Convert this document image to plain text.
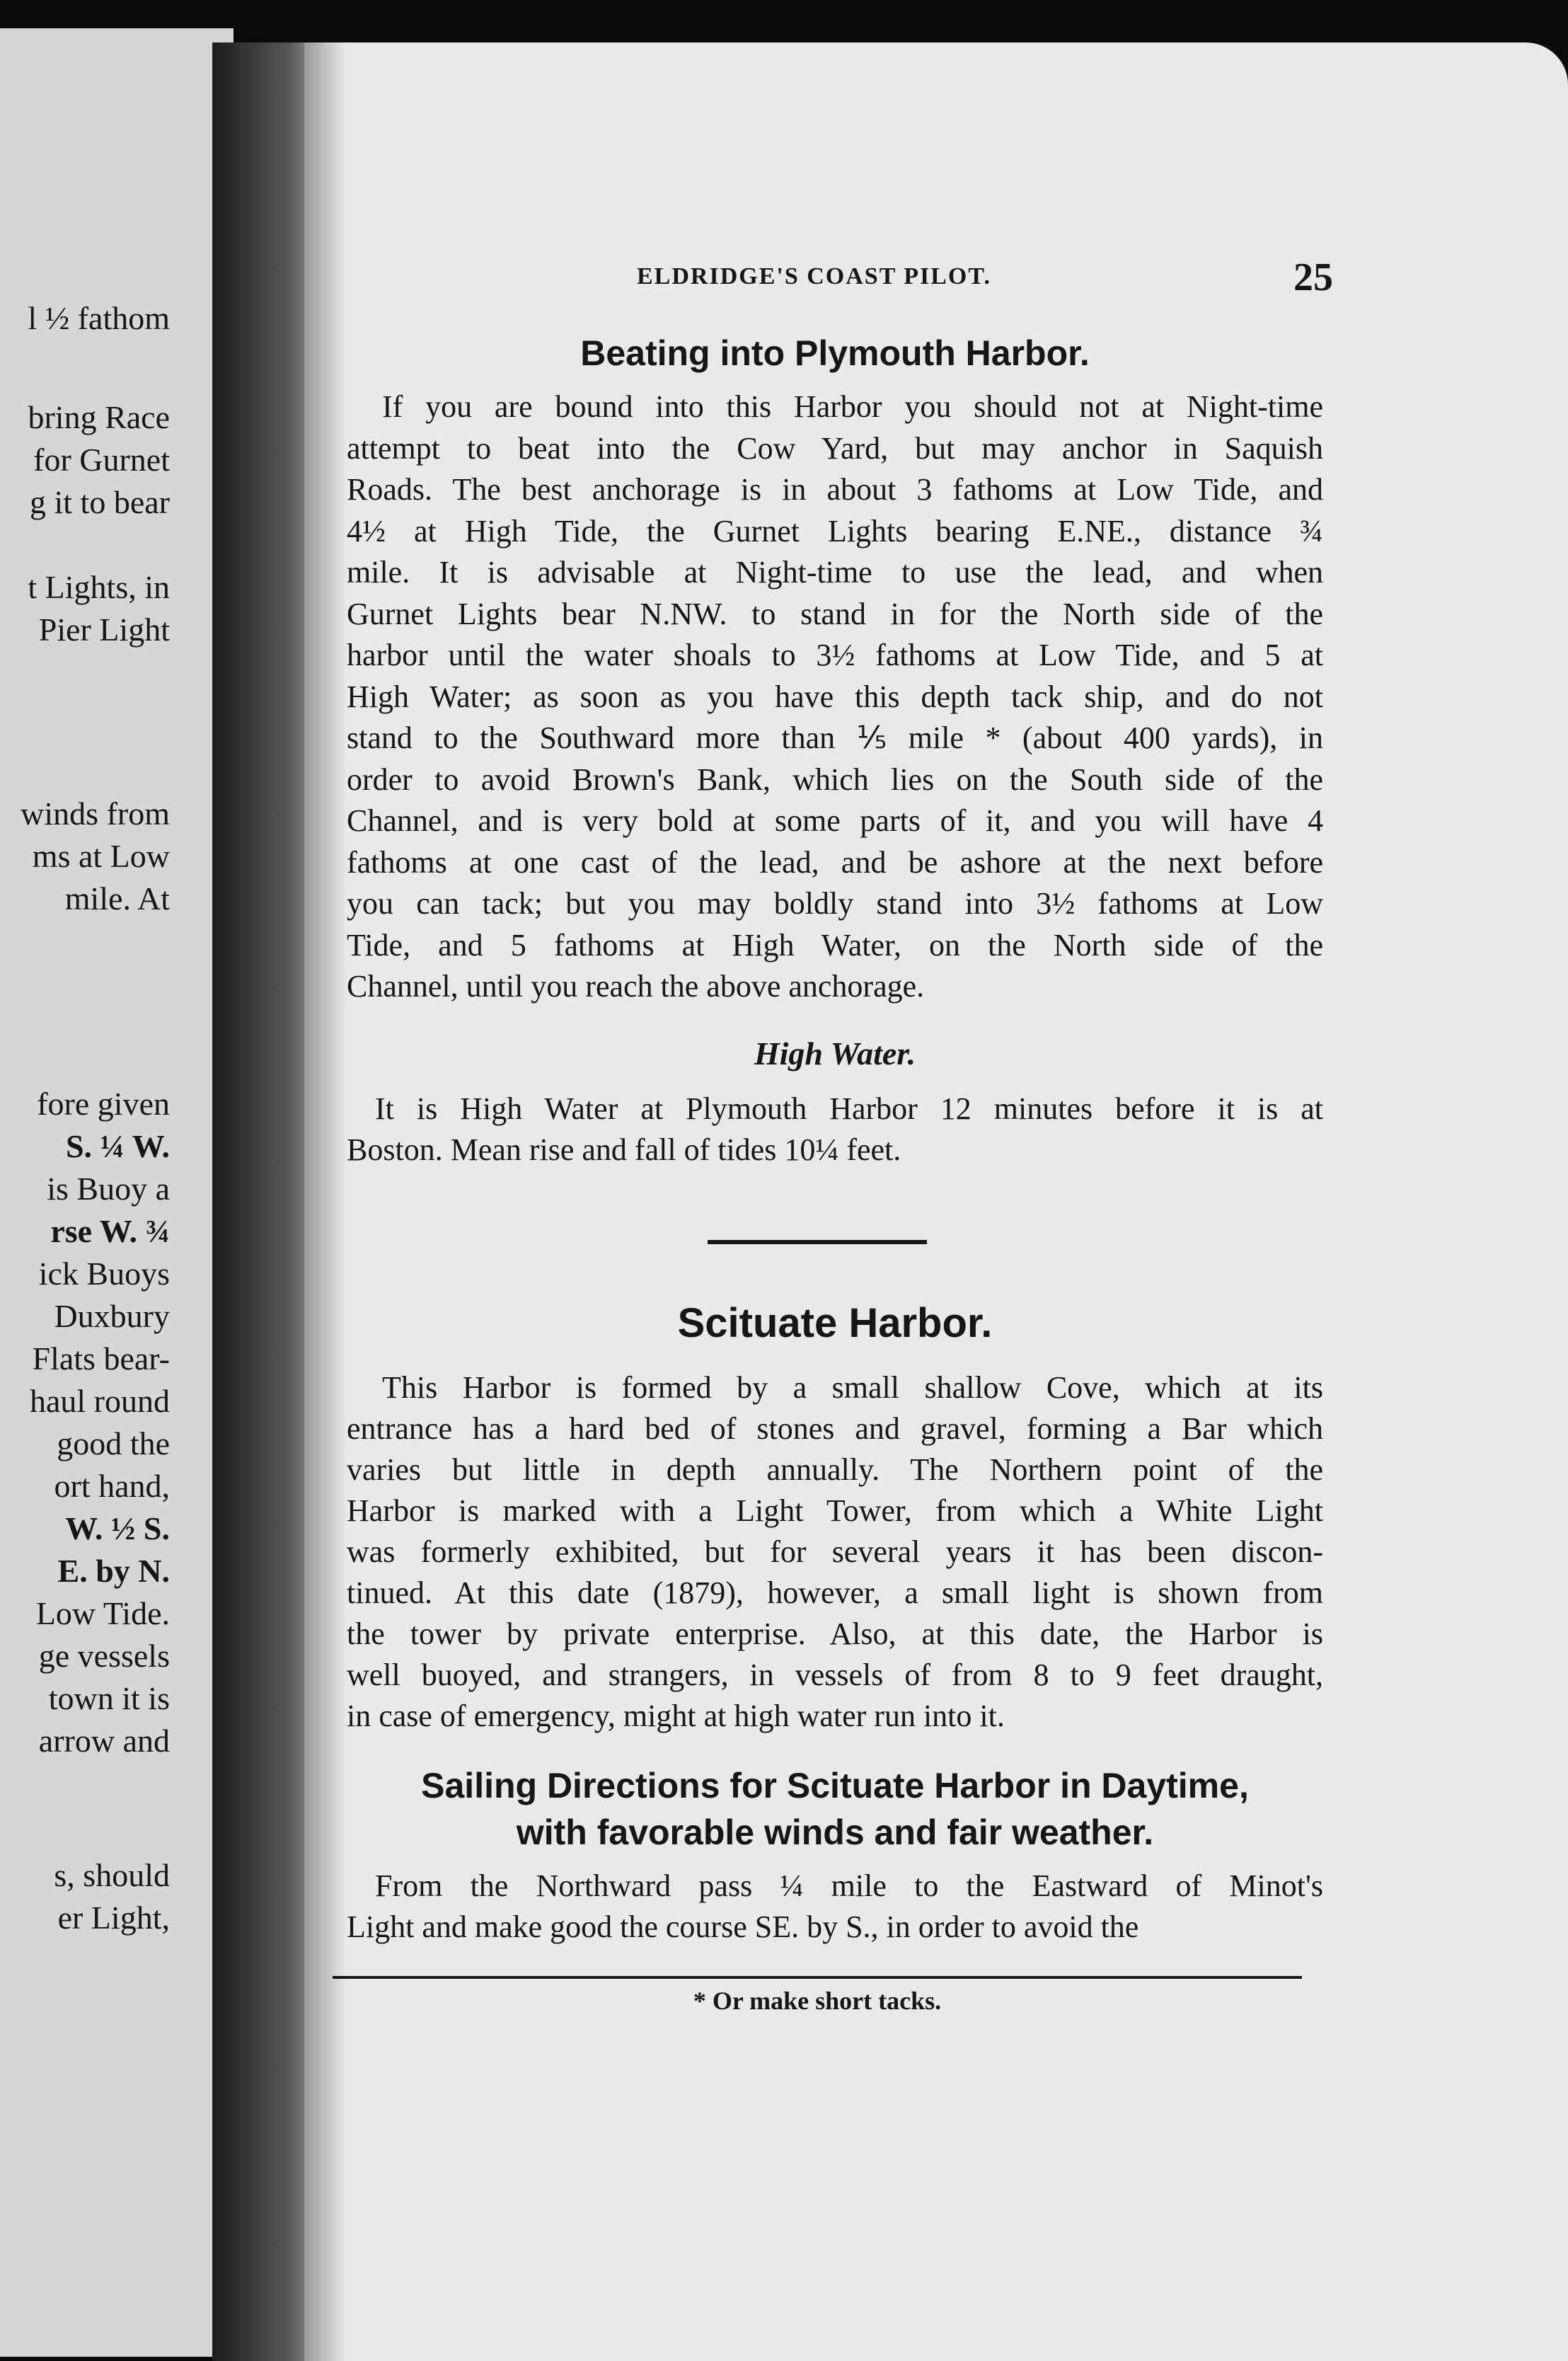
l ½ fathom
bring Race
for Gurnet
g it to bear
t Lights, in
Pier Light
winds from
ms at Low
mile. At
fore given
S. ¼ W.
is Buoy a
rse W. ¾
ick Buoys
Duxbury
Flats bear-
haul round
good the
ort hand,
W. ½ S.
E. by N.
Low Tide.
ge vessels
town it is
arrow and
s, should
er Light,
ELDRIDGE'S COAST PILOT.	25
Beating into Plymouth Harbor.
If you are bound into this Harbor you should not at Night-time
attempt to beat into the Cow Yard, but may anchor in Saquish
Roads. The best anchorage is in about 3 fathoms at Low Tide, and
4½ at High Tide, the Gurnet Lights bearing E.NE., distance ¾
mile. It is advisable at Night-time to use the lead, and when
Gurnet Lights bear N.NW. to stand in for the North side of the
harbor until the water shoals to 3½ fathoms at Low Tide, and 5 at
High Water; as soon as you have this depth tack ship, and do not
stand to the Southward more than ⅕ mile * (about 400 yards), in
order to avoid Brown's Bank, which lies on the South side of the
Channel, and is very bold at some parts of it, and you will have 4
fathoms at one cast of the lead, and be ashore at the next before
you can tack; but you may boldly stand into 3½ fathoms at Low
Tide, and 5 fathoms at High Water, on the North side of the
Channel, until you reach the above anchorage.
High Water.
It is High Water at Plymouth Harbor 12 minutes before it is at
Boston. Mean rise and fall of tides 10¼ feet.
Scituate Harbor.
This Harbor is formed by a small shallow Cove, which at its
entrance has a hard bed of stones and gravel, forming a Bar which
varies but little in depth annually. The Northern point of the
Harbor is marked with a Light Tower, from which a White Light
was formerly exhibited, but for several years it has been discon-
tinued. At this date (1879), however, a small light is shown from
the tower by private enterprise. Also, at this date, the Harbor is
well buoyed, and strangers, in vessels of from 8 to 9 feet draught,
in case of emergency, might at high water run into it.
Sailing Directions for Scituate Harbor in Daytime,
with favorable winds and fair weather.
From the Northward pass ¼ mile to the Eastward of Minot's
Light and make good the course SE. by S., in order to avoid the
* Or make short tacks.
